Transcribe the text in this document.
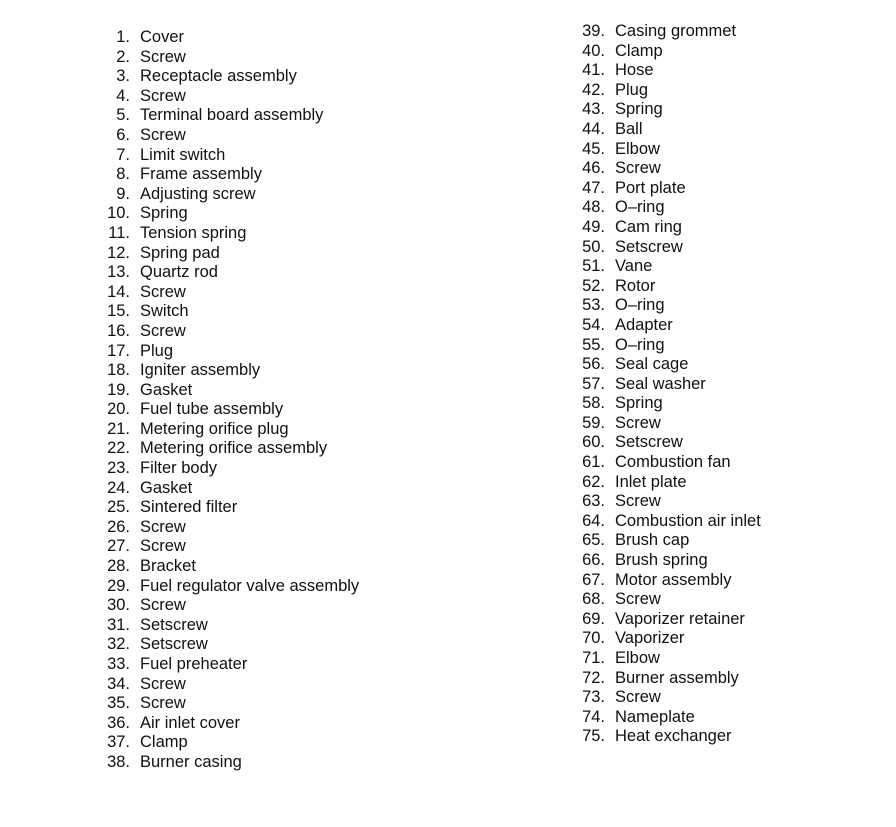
1. Cover
2. Screw
3. Receptacle assembly
4. Screw
5. Terminal board assembly
6. Screw
7. Limit switch
8. Frame assembly
9. Adjusting screw
10. Spring
11. Tension spring
12. Spring pad
13. Quartz rod
14. Screw
15. Switch
16. Screw
17. Plug
18. Igniter assembly
19. Gasket
20. Fuel tube assembly
21. Metering orifice plug
22. Metering orifice assembly
23. Filter body
24. Gasket
25. Sintered filter
26. Screw
27. Screw
28. Bracket
29. Fuel regulator valve assembly
30. Screw
31. Setscrew
32. Setscrew
33. Fuel preheater
34. Screw
35. Screw
36. Air inlet cover
37. Clamp
38. Burner casing
39. Casing grommet
40. Clamp
41. Hose
42. Plug
43. Spring
44. Ball
45. Elbow
46. Screw
47. Port plate
48. O–ring
49. Cam ring
50. Setscrew
51. Vane
52. Rotor
53. O–ring
54. Adapter
55. O–ring
56. Seal cage
57. Seal washer
58. Spring
59. Screw
60. Setscrew
61. Combustion fan
62. Inlet plate
63. Screw
64. Combustion air inlet
65. Brush cap
66. Brush spring
67. Motor assembly
68. Screw
69. Vaporizer retainer
70. Vaporizer
71. Elbow
72. Burner assembly
73. Screw
74. Nameplate
75. Heat exchanger
